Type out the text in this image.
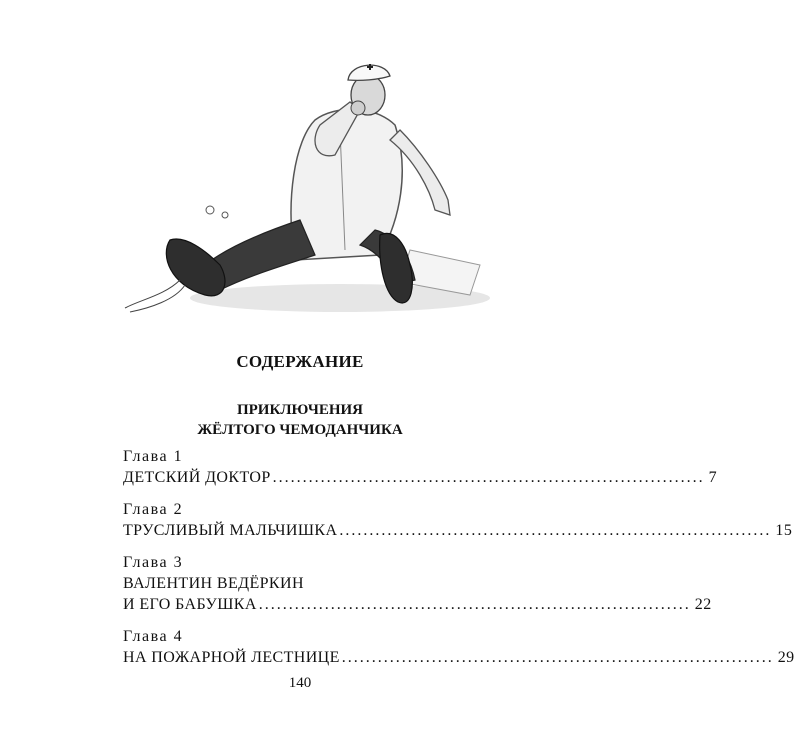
СОДЕРЖАНИЕ
ПРИКЛЮЧЕНИЯ
ЖЁЛТОГО ЧЕМОДАНЧИКА
Глава 1
ДЕТСКИЙ ДОКТОР ........................................................................ 7
Глава 2
ТРУСЛИВЫЙ МАЛЬЧИШКА ........................................................................ 15
Глава 3
ВАЛЕНТИН ВЕДЁРКИН
И ЕГО БАБУШКА ........................................................................ 22
Глава 4
НА ПОЖАРНОЙ ЛЕСТНИЦЕ ........................................................................ 29
140
